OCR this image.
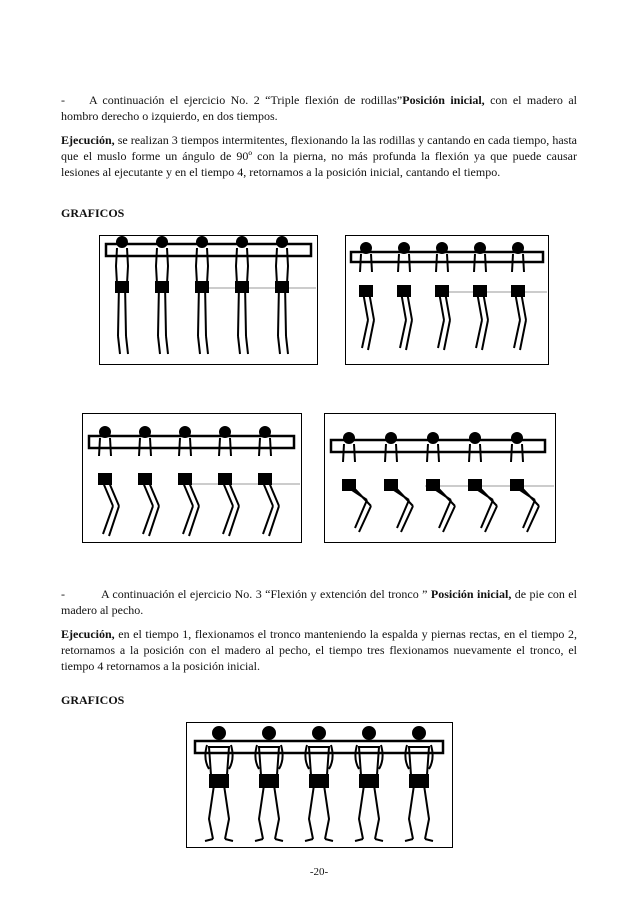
- A continuación el ejercicio No. 2 “Triple flexión de rodillas”Posición inicial, con el madero al hombro derecho o izquierdo, en dos tiempos.

Ejecución, se realizan 3 tiempos intermitentes, flexionando la las rodillas y cantando en cada tiempo, hasta que el muslo forme un ángulo de 90º con la pierna, no más profunda la flexión ya que puede causar lesiones al ejecutante y en el tiempo 4, retornamos a la posición inicial, cantando el tiempo.

GRAFICOS

-	A continuación el ejercicio No. 3 “Flexión y extención del tronco ” Posición inicial, de pie con el madero al pecho.

Ejecución, en el tiempo 1, flexionamos el tronco manteniendo la espalda y piernas rectas, en el tiempo 2, retornamos a la posición con el madero al pecho, el tiempo tres flexionamos nuevamente el tronco, el tiempo 4 retornamos a la posición inicial.

GRAFICOS

-20-
